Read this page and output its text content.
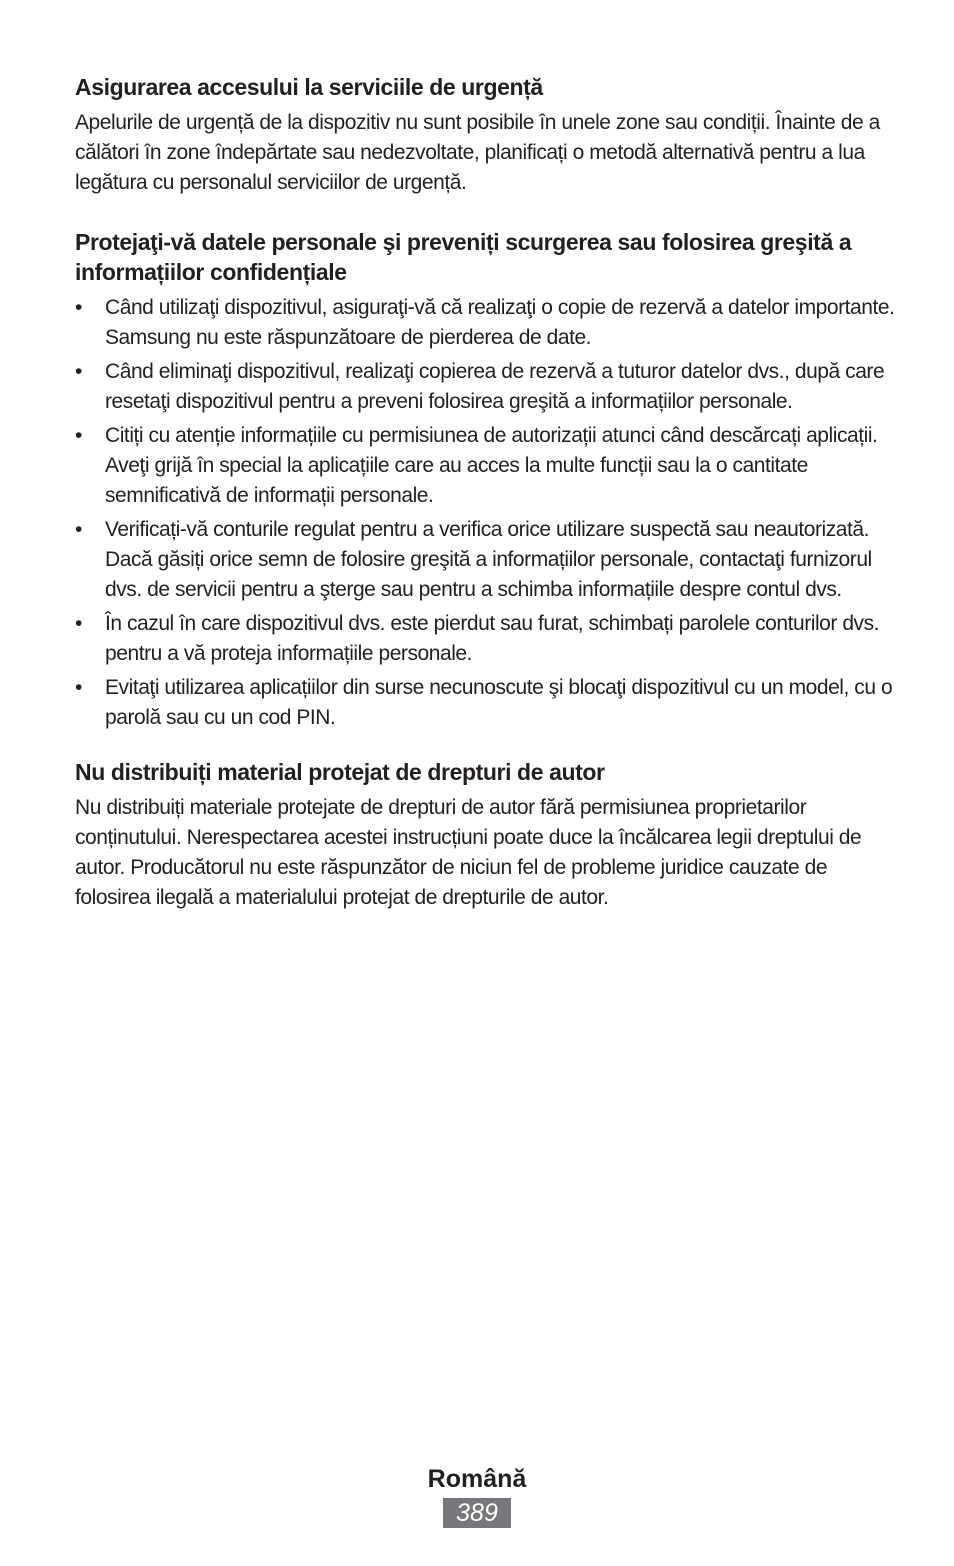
Asigurarea accesului la serviciile de urgență

Apelurile de urgență de la dispozitiv nu sunt posibile în unele zone sau condiții. Înainte de a călători în zone îndepărtate sau nedezvoltate, planificați o metodă alternativă pentru a lua legătura cu personalul serviciilor de urgență.

Protejaţi-vă datele personale şi preveniți scurgerea sau folosirea greşită a informațiilor confidențiale
•	Când utilizaţi dispozitivul, asiguraţi-vă că realizaţi o copie de rezervă a datelor importante. Samsung nu este răspunzătoare de pierderea de date.
•	Când eliminaţi dispozitivul, realizaţi copierea de rezervă a tuturor datelor dvs., după care resetaţi dispozitivul pentru a preveni folosirea greşită a informațiilor personale.
•	Citiți cu atenție informațiile cu permisiunea de autorizații atunci când descărcați aplicații. Aveţi grijă în special la aplicațiile care au acces la multe funcții sau la o cantitate semnificativă de informații personale.
•	Verificați-vă conturile regulat pentru a verifica orice utilizare suspectă sau neautorizată. Dacă găsiți orice semn de folosire greşită a informațiilor personale, contactaţi furnizorul dvs. de servicii pentru a şterge sau pentru a schimba informațiile despre contul dvs.
•	În cazul în care dispozitivul dvs. este pierdut sau furat, schimbați parolele conturilor dvs. pentru a vă proteja informațiile personale.
•	Evitaţi utilizarea aplicațiilor din surse necunoscute şi blocaţi dispozitivul cu un model, cu o parolă sau cu un cod PIN.
Nu distribuiți material protejat de drepturi de autor

Nu distribuiți materiale protejate de drepturi de autor fără permisiunea proprietarilor conținutului. Nerespectarea acestei instrucțiuni poate duce la încălcarea legii dreptului de autor. Producătorul nu este răspunzător de niciun fel de probleme juridice cauzate de folosirea ilegală a materialului protejat de drepturile de autor.

Română
389
